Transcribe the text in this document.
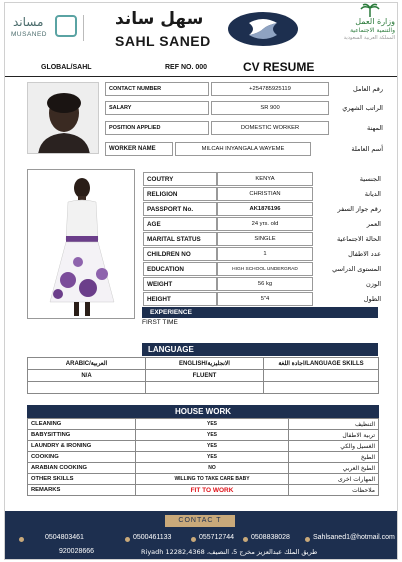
مساند
MUSANED
سهل ساند
SAHL SANED
وزارة العمل
والتنمية الاجتماعية
المملكة العربية السعودية
GLOBAL/SAHL	REF NO. 000	CV RESUME
CONTACT NUMBER	+254785925119	رقم العامل
SALARY	SR 900	الراتب الشهري
POSITION APPLIED	DOMESTIC WORKER	المهنة
WORKER NAME	MILCAH INYANGALA WAYEME	أسم العاملة
COUTRY	KENYA	الجنسية
RELIGION	CHRISTIAN	الديانة
PASSPORT No.	AK1876196	رقم جواز السفر
AGE	24 yrs. old	العمر
MARITAL STATUS	SINGLE	الحالة الاجتماعية
CHILDREN NO	1	عدد الاطفال
EDUCATION	HIGH SCHOOL UNDERGRAD	المستوى الدراسي
WEIGHT	56 kg	الوزن
HEIGHT	5"4	الطول
EXPERIENCE
FIRST TIME
LANGUAGE
ARABIC/العربية	ENGLISH/الانجليزية	اجادة اللغة/LANGUAGE SKILLS
N/A	FLUENT	

HOUSE WORK
CLEANING	YES	التنظيف
BABYSITTING	YES	تربية الاطفال
LAUNDRY & IRONING	YES	الغسيل والكي
COOKING	YES	الطبخ
ARABIAN COOKING	NO	الطبخ العربي
OTHER SKILLS	WILLING TO TAKE CARE BABY	المهارات اخرى
REMARKS	FIT TO WORK	ملاحظات
CONTAC T
0504803461	0500461133	055712744 0508838028	Sahlsaned1@hotmail.com
920028666	Riyadh 12282,4368 ،طريق الملك عبدالعزيز مخرج 5، النصيف
